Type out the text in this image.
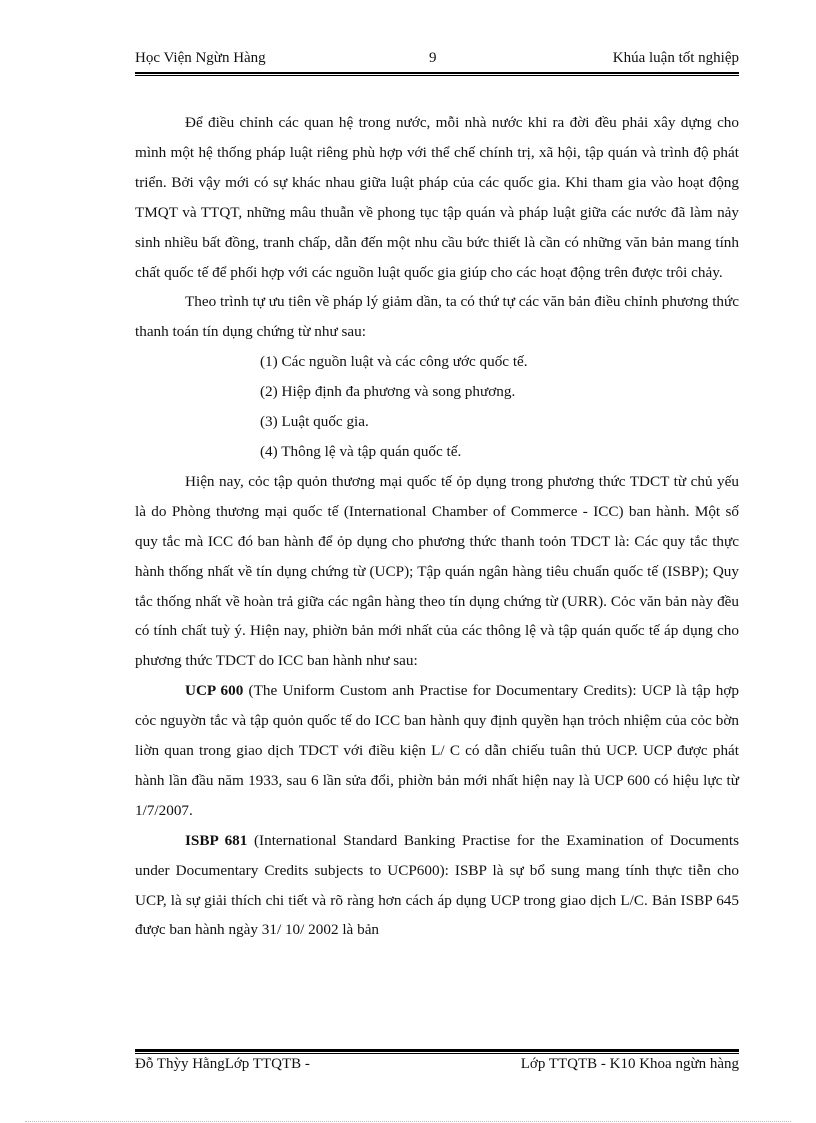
Học Viện Ngừn Hàng	9	Khúa luận tốt nghiệp

Để điều chỉnh các quan hệ trong nước, mỗi nhà nước khi ra đời đều phải xây dựng cho mình một hệ thống pháp luật riêng phù hợp với thể chế chính trị, xã hội, tập quán và trình độ phát triển. Bởi vậy mới có sự khác nhau giữa luật pháp của các quốc gia. Khi tham gia vào hoạt động TMQT và TTQT, những mâu thuẫn về phong tục tập quán và pháp luật giữa các nước đã làm nảy sinh nhiều bất đồng, tranh chấp, dẫn đến một nhu cầu bức thiết là cần có những văn bản mang tính chất quốc tế để phối hợp với các nguồn luật quốc gia giúp cho các hoạt động trên được trôi chảy.

Theo trình tự ưu tiên về pháp lý giảm dần, ta có thứ tự các văn bản điều chỉnh phương thức thanh toán tín dụng chứng từ như sau:

(1) Các nguồn luật và các công ước quốc tế.

(2) Hiệp định đa phương và song phương.

(3) Luật quốc gia.

(4) Thông lệ và tập quán quốc tế.

Hiện nay, cỏc tập quỏn thương mại quốc tế ỏp dụng trong phương thức TDCT từ chủ yếu là do Phòng thương mại quốc tế (International Chamber of Commerce - ICC) ban hành. Một số quy tắc mà ICC đó ban hành để ỏp dụng cho phương thức thanh toỏn TDCT là: Các quy tắc thực hành thống nhất về tín dụng chứng từ (UCP); Tập quán ngân hàng tiêu chuẩn quốc tế (ISBP); Quy tắc thống nhất về hoàn trả giữa các ngân hàng theo tín dụng chứng từ (URR). Cỏc văn bản này đều có tính chất tuỳ ý. Hiện nay, phiờn bản mới nhất của các thông lệ và tập quán quốc tế áp dụng cho phương thức TDCT do ICC ban hành như sau:

UCP 600 (The Uniform Custom anh Practise for Documentary Credits): UCP là tập hợp cỏc nguyờn tắc và tập quỏn quốc tế do ICC ban hành quy định quyền hạn trỏch nhiệm của cỏc bờn liờn quan trong giao dịch TDCT với điều kiện L/ C có dẫn chiếu tuân thủ UCP. UCP được phát hành lần đầu năm 1933, sau 6 lần sửa đổi, phiờn bản mới nhất hiện nay là UCP 600 có hiệu lực từ 1/7/2007.

ISBP 681 (International Standard Banking Practise for the Examination of Documents under Documentary Credits subjects to UCP600): ISBP là sự bổ sung mang tính thực tiễn cho UCP, là sự giải thích chi tiết và rõ ràng hơn cách áp dụng UCP trong giao dịch L/C. Bản ISBP 645 được ban hành ngày 31/ 10/ 2002 là bản

Đỗ Thỳy HằngLớp TTQTB -	Lớp TTQTB - K10 Khoa ngừn hàng
